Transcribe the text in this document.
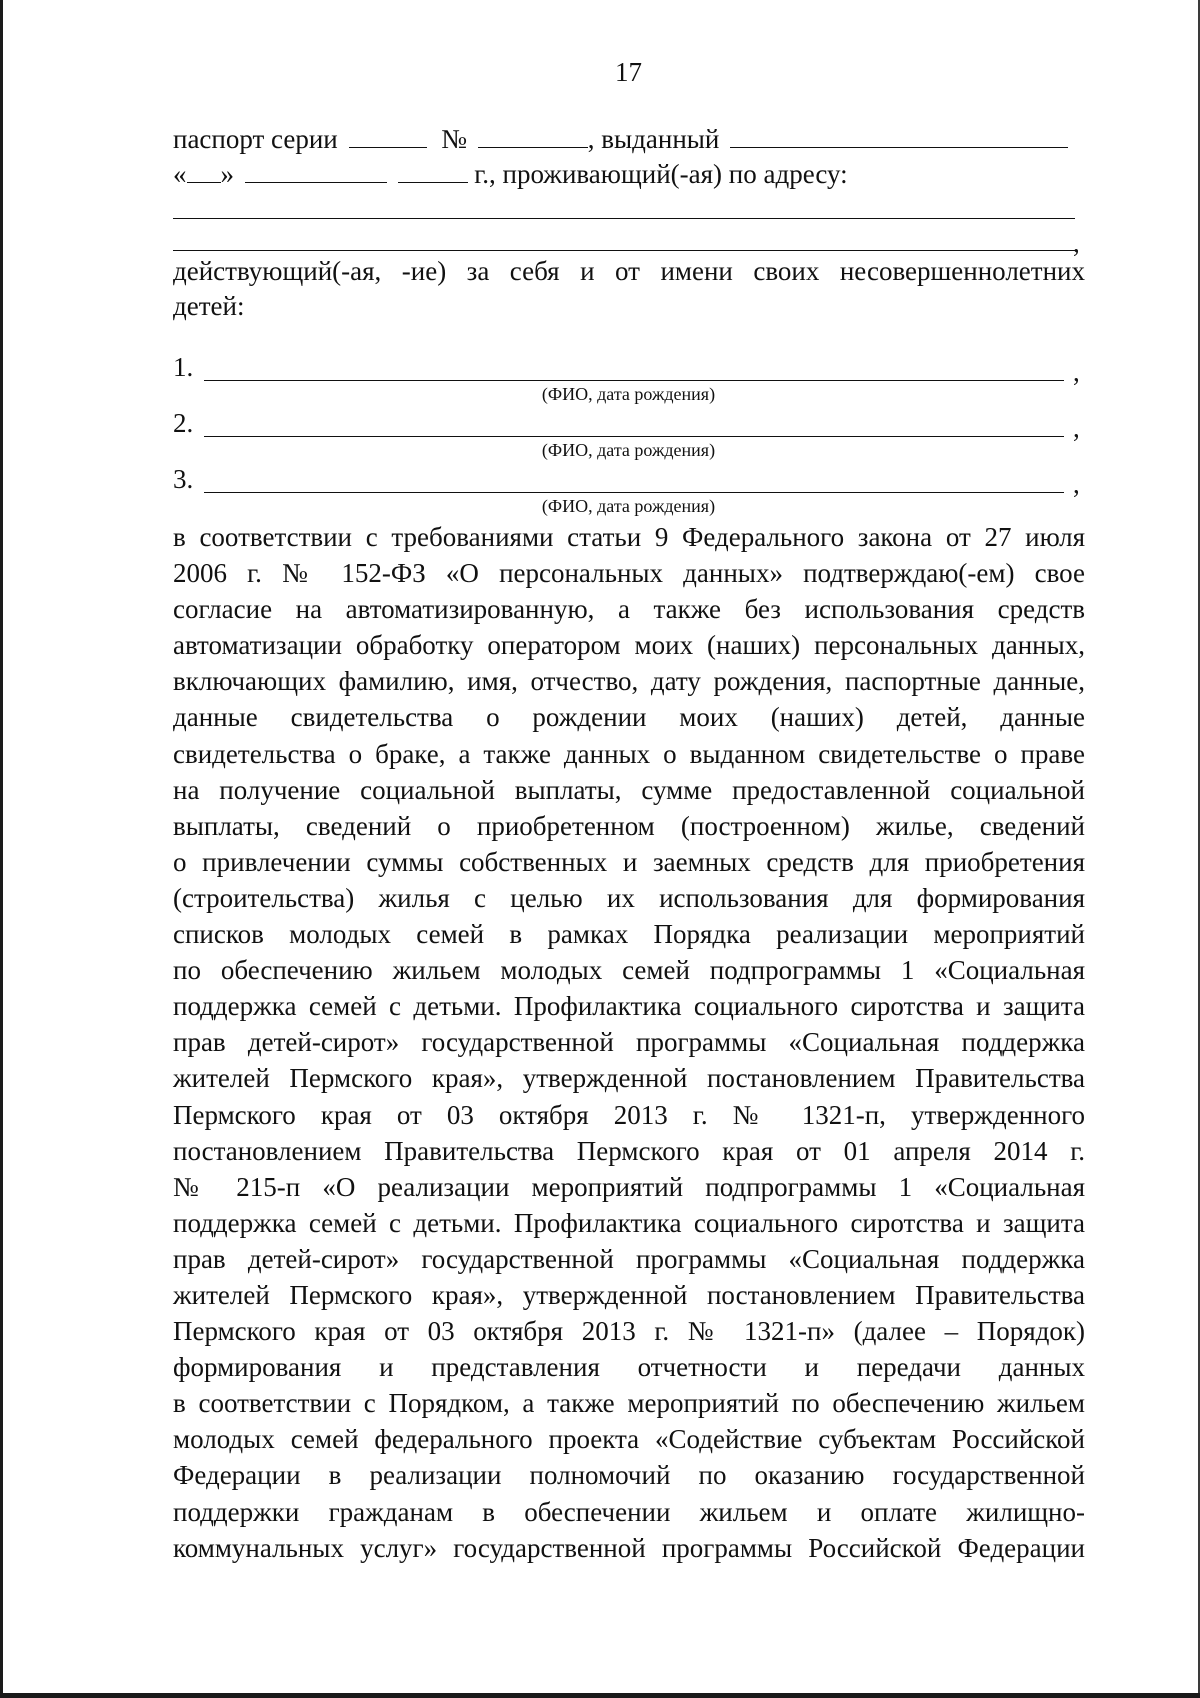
17
паспорт серии	№	, выданный
« »	г., проживающий(-ая) по адресу:
,
действующий(-ая, -ие) за себя и от имени своих несовершеннолетних
детей:
1.	,
(ФИО, дата рождения)
2.	,
(ФИО, дата рождения)
3.	,
(ФИО, дата рождения)
в соответствии с требованиями статьи 9 Федерального закона от 27 июля
2006 г. № 152-ФЗ «О персональных данных» подтверждаю(-ем) свое
согласие на автоматизированную, а также без использования средств
автоматизации обработку оператором моих (наших) персональных данных,
включающих фамилию, имя, отчество, дату рождения, паспортные данные,
данные свидетельства о рождении моих (наших) детей, данные
свидетельства о браке, а также данных о выданном свидетельстве о праве
на получение социальной выплаты, сумме предоставленной социальной
выплаты, сведений о приобретенном (построенном) жилье, сведений
о привлечении суммы собственных и заемных средств для приобретения
(строительства) жилья с целью их использования для формирования
списков молодых семей в рамках Порядка реализации мероприятий
по обеспечению жильем молодых семей подпрограммы 1 «Социальная
поддержка семей с детьми. Профилактика социального сиротства и защита
прав детей-сирот» государственной программы «Социальная поддержка
жителей Пермского края», утвержденной постановлением Правительства
Пермского края от 03 октября 2013 г. № 1321-п, утвержденного
постановлением Правительства Пермского края от 01 апреля 2014 г.
№ 215-п «О реализации мероприятий подпрограммы 1 «Социальная
поддержка семей с детьми. Профилактика социального сиротства и защита
прав детей-сирот» государственной программы «Социальная поддержка
жителей Пермского края», утвержденной постановлением Правительства
Пермского края от 03 октября 2013 г. № 1321-п» (далее – Порядок)
формирования и представления отчетности и передачи данных
в соответствии с Порядком, а также мероприятий по обеспечению жильем
молодых семей федерального проекта «Содействие субъектам Российской
Федерации в реализации полномочий по оказанию государственной
поддержки гражданам в обеспечении жильем и оплате жилищно-
коммунальных услуг» государственной программы Российской Федерации
